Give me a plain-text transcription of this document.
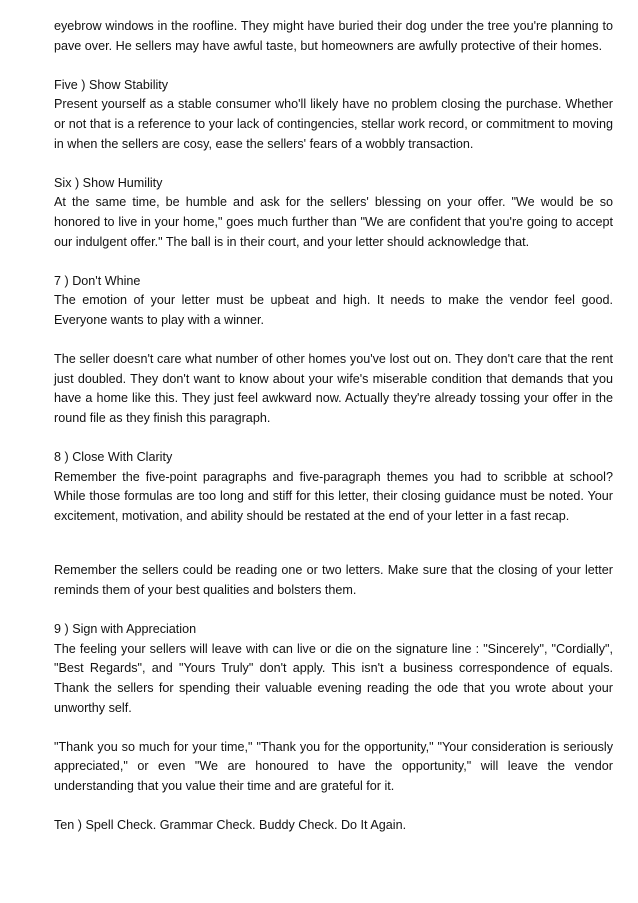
eyebrow windows in the roofline. They might have buried their dog under the tree you're planning to pave over. He sellers may have awful taste, but homeowners are awfully protective of their homes.

Five ) Show Stability

Present yourself as a stable consumer who'll likely have no problem closing the purchase. Whether or not that is a reference to your lack of contingencies, stellar work record, or commitment to moving in when the sellers are cosy, ease the sellers' fears of a wobbly transaction.

Six ) Show Humility

At the same time, be humble and ask for the sellers' blessing on your offer. "We would be so honored to live in your home," goes much further than "We are confident that you're going to accept our indulgent offer." The ball is in their court, and your letter should acknowledge that.

7 ) Don't Whine

The emotion of your letter must be upbeat and high. It needs to make the vendor feel good. Everyone wants to play with a winner.

The seller doesn't care what number of other homes you've lost out on. They don't care that the rent just doubled. They don't want to know about your wife's miserable condition that demands that you have a home like this. They just feel awkward now. Actually they're already tossing your offer in the round file as they finish this paragraph.

8 ) Close With Clarity

Remember the five-point paragraphs and five-paragraph themes you had to scribble at school? While those formulas are too long and stiff for this letter, their closing guidance must be noted. Your excitement, motivation, and ability should be restated at the end of your letter in a fast recap.

Remember the sellers could be reading one or two letters. Make sure that the closing of your letter reminds them of your best qualities and bolsters them.

9 ) Sign with Appreciation

The feeling your sellers will leave with can live or die on the signature line : "Sincerely", "Cordially", "Best Regards", and "Yours Truly" don't apply. This isn't a business correspondence of equals. Thank the sellers for spending their valuable evening reading the ode that you wrote about your unworthy self.

"Thank you so much for your time," "Thank you for the opportunity," "Your consideration is seriously appreciated," or even "We are honoured to have the opportunity," will leave the vendor understanding that you value their time and are grateful for it.

Ten ) Spell Check. Grammar Check. Buddy Check. Do It Again.
